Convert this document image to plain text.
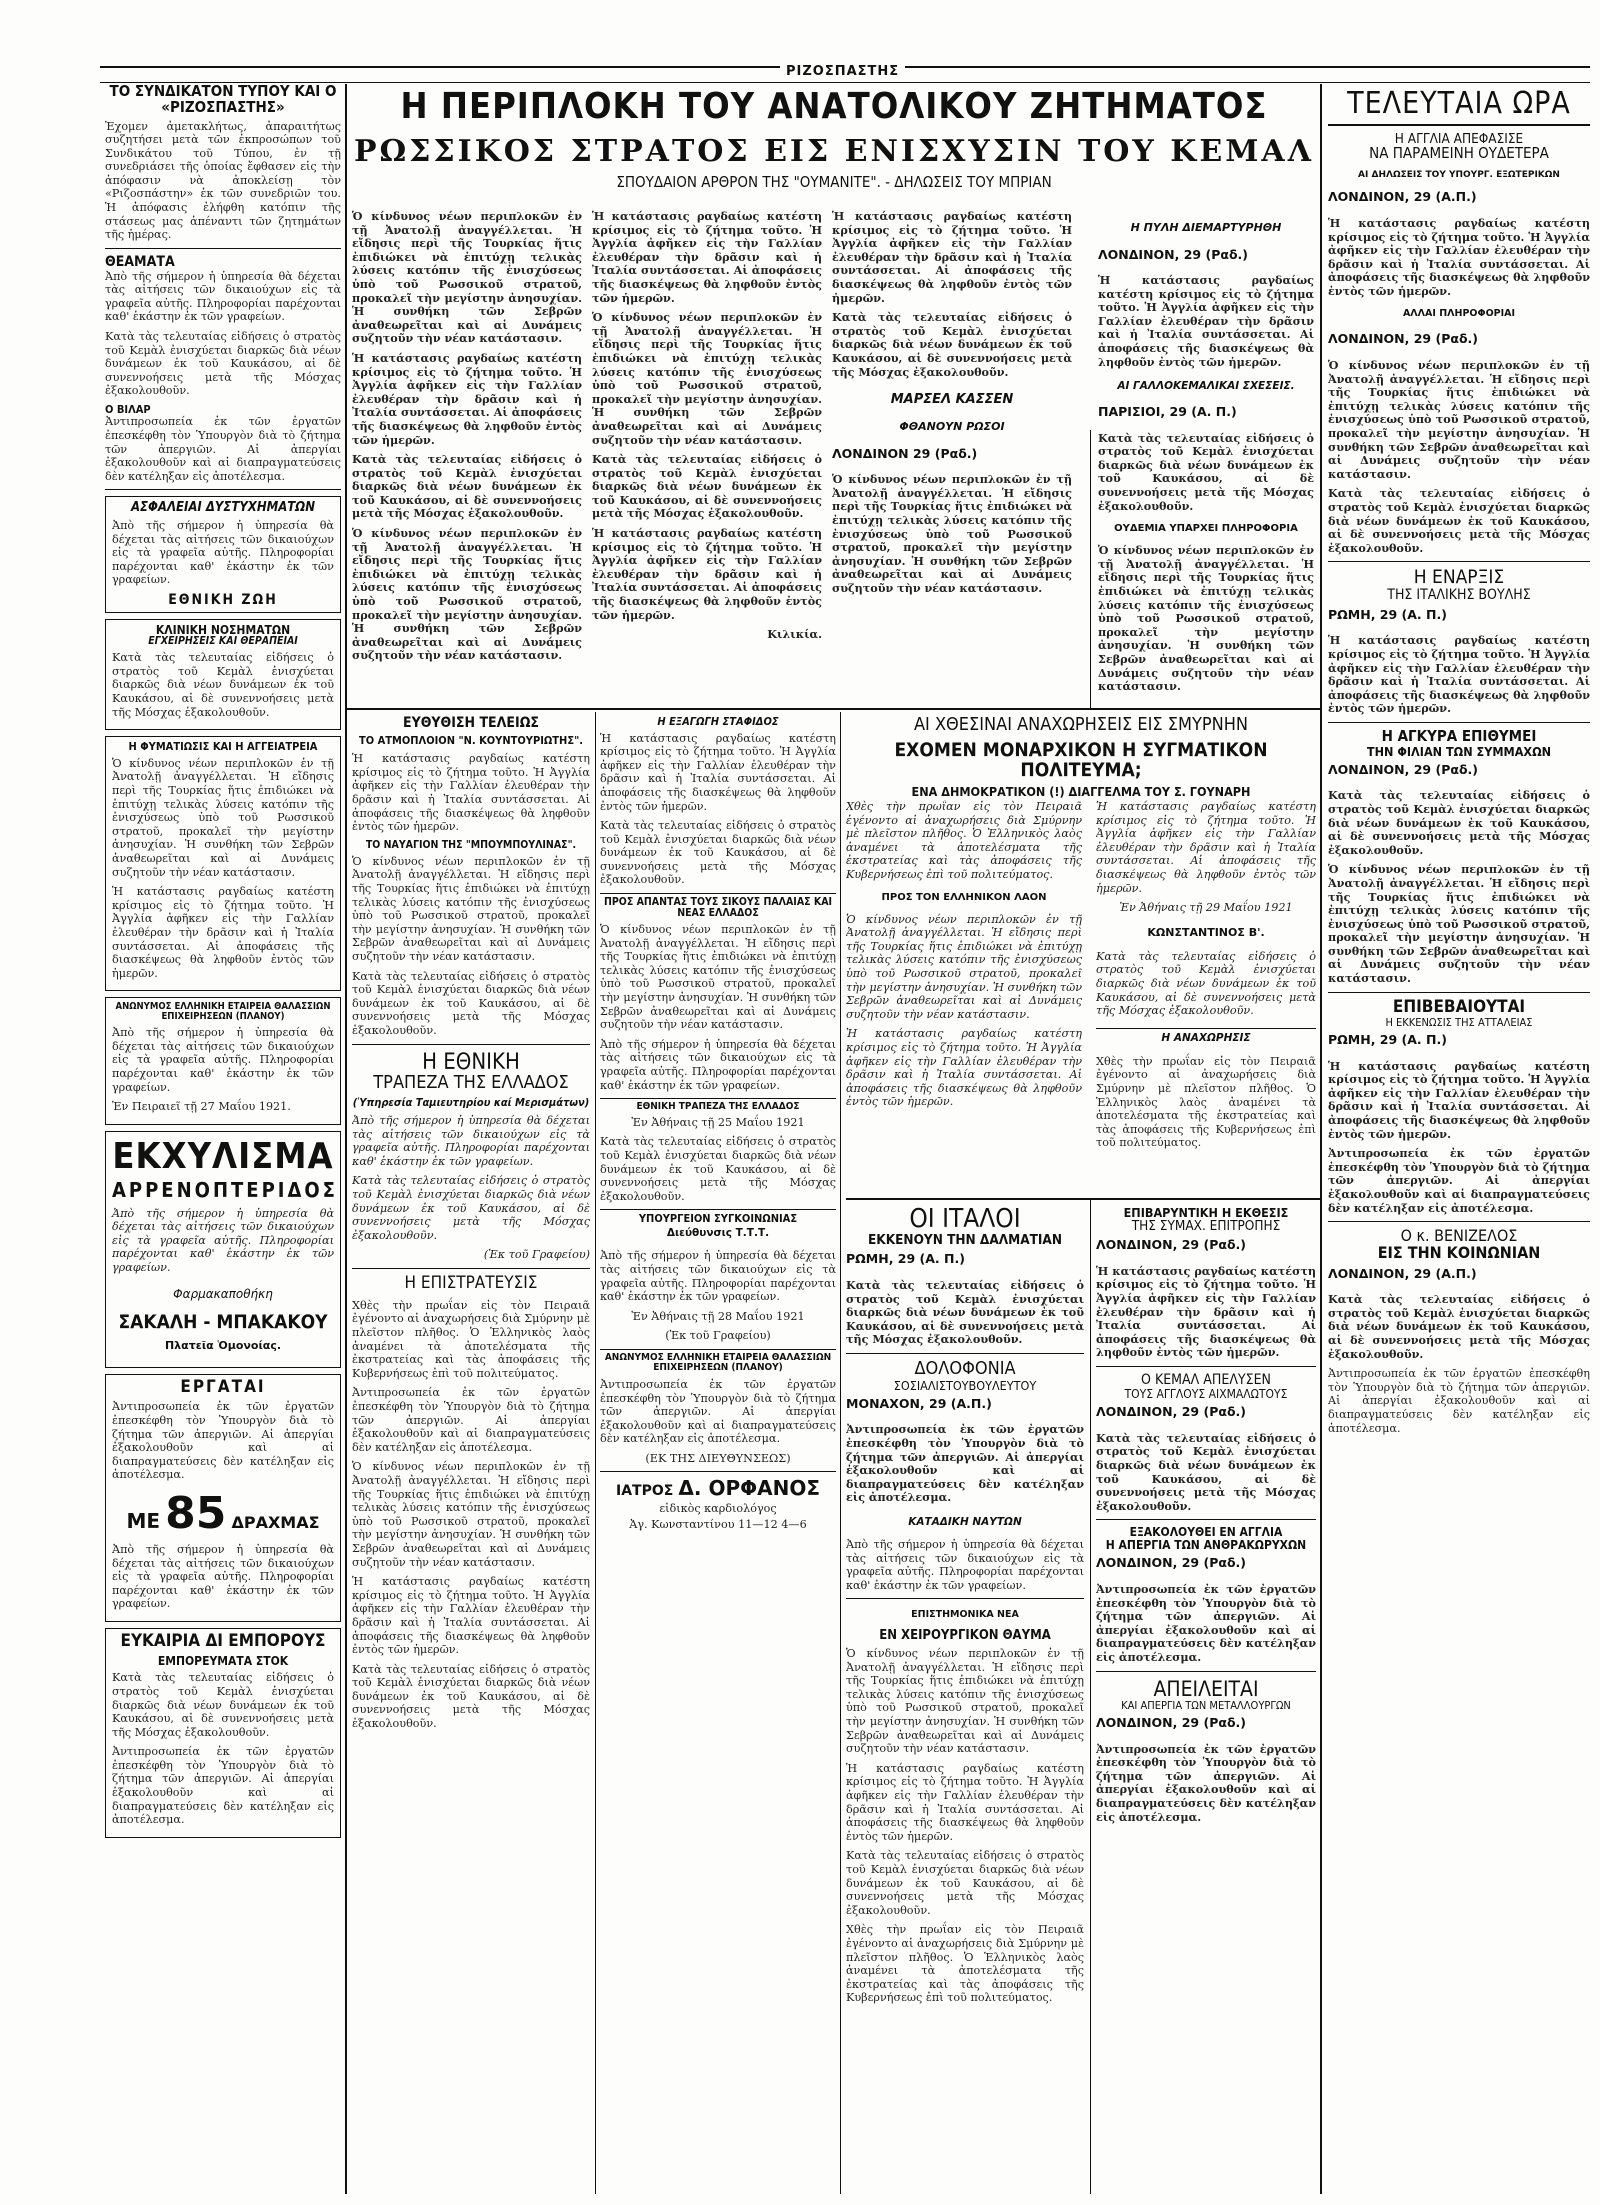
ΡΙΖΟΣΠΑΣΤΗΣ

ΤΟ ΣΥΝΔΙΚΑΤΟΝ ΤΥΠΟΥ ΚΑΙ Ο «ΡΙΖΟΣΠΑΣΤΗΣ»

Ἐχομεν ἀμετακλήτως, ἀπαραιτήτως συζητήσει μετὰ τῶν ἐκπροσώπων τοῦ Συνδικάτου τοῦ Τύπου, ἐν τῇ συνεδριάσει τῆς ὁποίας ἔφθασεν εἰς τὴν ἀπόφασιν νὰ ἀποκλείσῃ τὸν «Ριζοσπάστην» ἐκ τῶν συνεδριῶν του. Ἡ ἀπόφασις ἐλήφθη κατόπιν τῆς στάσεως μας ἀπέναντι τῶν ζητημάτων τῆς ἡμέρας.

ΘΕΑΜΑΤΑ

Ἀπὸ τῆς σήμερον ἡ ὑπηρεσία θὰ δέχεται τὰς αἰτήσεις τῶν δικαιούχων εἰς τὰ γραφεῖα αὐτῆς. Πληροφορίαι παρέχονται καθ' ἑκάστην ἐκ τῶν γραφείων.

Κατὰ τὰς τελευταίας εἰδήσεις ὁ στρατὸς τοῦ Κεμὰλ ἐνισχύεται διαρκῶς διὰ νέων δυνάμεων ἐκ τοῦ Καυκάσου, αἱ δὲ συνεννοήσεις μετὰ τῆς Μόσχας ἐξακολουθοῦν.

Ο ΒΙΛΑΡ

Ἀντιπροσωπεία ἐκ τῶν ἐργατῶν ἐπεσκέφθη τὸν Ὑπουργὸν διὰ τὸ ζήτημα τῶν ἀπεργιῶν. Αἱ ἀπεργίαι ἐξακολουθοῦν καὶ αἱ διαπραγματεύσεις δὲν κατέληξαν εἰς ἀποτέλεσμα.

ΑΣΦΑΛΕΙΑΙ ΔΥΣΤΥΧΗΜΑΤΩΝ

Ἀπὸ τῆς σήμερον ἡ ὑπηρεσία θὰ δέχεται τὰς αἰτήσεις τῶν δικαιούχων εἰς τὰ γραφεῖα αὐτῆς. Πληροφορίαι παρέχονται καθ' ἑκάστην ἐκ τῶν γραφείων.

ΕΘΝΙΚΗ ΖΩΗ

ΚΛΙΝΙΚΗ ΝΟΣΗΜΑΤΩΝ

ΕΓΧΕΙΡΗΣΕΙΣ ΚΑΙ ΘΕΡΑΠΕΙΑΙ

Κατὰ τὰς τελευταίας εἰδήσεις ὁ στρατὸς τοῦ Κεμὰλ ἐνισχύεται διαρκῶς διὰ νέων δυνάμεων ἐκ τοῦ Καυκάσου, αἱ δὲ συνεννοήσεις μετὰ τῆς Μόσχας ἐξακολουθοῦν.

Η ΦΥΜΑΤΙΩΣΙΣ ΚΑΙ Η ΑΓΓΕΙΑΤΡΕΙΑ

Ὁ κίνδυνος νέων περιπλοκῶν ἐν τῇ Ἀνατολῇ ἀναγγέλλεται. Ἡ εἴδησις περὶ τῆς Τουρκίας ἥτις ἐπιδιώκει νὰ ἐπιτύχῃ τελικὰς λύσεις κατόπιν τῆς ἐνισχύσεως ὑπὸ τοῦ Ρωσσικοῦ στρατοῦ, προκαλεῖ τὴν μεγίστην ἀνησυχίαν. Ἡ συνθήκη τῶν Σεβρῶν ἀναθεωρεῖται καὶ αἱ Δυνάμεις συζητοῦν τὴν νέαν κατάστασιν.

Ἡ κατάστασις ραγδαίως κατέστη κρίσιμος εἰς τὸ ζήτημα τοῦτο. Ἡ Ἀγγλία ἀφῆκεν εἰς τὴν Γαλλίαν ἐλευθέραν τὴν δρᾶσιν καὶ ἡ Ἰταλία συντάσσεται. Αἱ ἀποφάσεις τῆς διασκέψεως θὰ ληφθοῦν ἐντὸς τῶν ἡμερῶν.

ΑΝΩΝΥΜΟΣ ΕΛΛΗΝΙΚΗ ΕΤΑΙΡΕΙΑ ΘΑΛΑΣΣΙΩΝ ΕΠΙΧΕΙΡΗΣΕΩΝ (ΠΛΑΝΟΥ)

Ἀπὸ τῆς σήμερον ἡ ὑπηρεσία θὰ δέχεται τὰς αἰτήσεις τῶν δικαιούχων εἰς τὰ γραφεῖα αὐτῆς. Πληροφορίαι παρέχονται καθ' ἑκάστην ἐκ τῶν γραφείων.

Ἐν Πειραιεῖ τῇ 27 Μαΐου 1921.

ΕΚΧΥΛΙΣΜΑ

ΑΡΡΕΝΟΠΤΕΡΙΔΟΣ

Ἀπὸ τῆς σήμερον ἡ ὑπηρεσία θὰ δέχεται τὰς αἰτήσεις τῶν δικαιούχων εἰς τὰ γραφεῖα αὐτῆς. Πληροφορίαι παρέχονται καθ' ἑκάστην ἐκ τῶν γραφείων.

Φαρμακαποθήκη

ΣΑΚΑΛΗ - ΜΠΑΚΑΚΟΥ

Πλατεῖα Ὁμονοίας.

ΕΡΓΑΤΑΙ

Ἀντιπροσωπεία ἐκ τῶν ἐργατῶν ἐπεσκέφθη τὸν Ὑπουργὸν διὰ τὸ ζήτημα τῶν ἀπεργιῶν. Αἱ ἀπεργίαι ἐξακολουθοῦν καὶ αἱ διαπραγματεύσεις δὲν κατέληξαν εἰς ἀποτέλεσμα.

ΜΕ 85 ΔΡΑΧΜΑΣ

Ἀπὸ τῆς σήμερον ἡ ὑπηρεσία θὰ δέχεται τὰς αἰτήσεις τῶν δικαιούχων εἰς τὰ γραφεῖα αὐτῆς. Πληροφορίαι παρέχονται καθ' ἑκάστην ἐκ τῶν γραφείων.

ΕΥΚΑΙΡΙΑ ΔΙ ΕΜΠΟΡΟΥΣ

ΕΜΠΟΡΕΥΜΑΤΑ ΣΤΟΚ

Κατὰ τὰς τελευταίας εἰδήσεις ὁ στρατὸς τοῦ Κεμὰλ ἐνισχύεται διαρκῶς διὰ νέων δυνάμεων ἐκ τοῦ Καυκάσου, αἱ δὲ συνεννοήσεις μετὰ τῆς Μόσχας ἐξακολουθοῦν.

Ἀντιπροσωπεία ἐκ τῶν ἐργατῶν ἐπεσκέφθη τὸν Ὑπουργὸν διὰ τὸ ζήτημα τῶν ἀπεργιῶν. Αἱ ἀπεργίαι ἐξακολουθοῦν καὶ αἱ διαπραγματεύσεις δὲν κατέληξαν εἰς ἀποτέλεσμα.

Η ΠΕΡΙΠΛΟΚΗ ΤΟΥ ΑΝΑΤΟΛΙΚΟΥ ΖΗΤΗΜΑΤΟΣ

ΡΩΣΣΙΚΟΣ ΣΤΡΑΤΟΣ ΕΙΣ ΕΝΙΣΧΥΣΙΝ ΤΟΥ ΚΕΜΑΛ

ΣΠΟΥΔΑΙΟΝ ΑΡΘΡΟΝ ΤΗΣ "ΟΥΜΑΝΙΤΕ". - ΔΗΛΩΣΕΙΣ ΤΟΥ ΜΠΡΙΑΝ

Ὁ κίνδυνος νέων περιπλοκῶν ἐν τῇ Ἀνατολῇ ἀναγγέλλεται. Ἡ εἴδησις περὶ τῆς Τουρκίας ἥτις ἐπιδιώκει νὰ ἐπιτύχῃ τελικὰς λύσεις κατόπιν τῆς ἐνισχύσεως ὑπὸ τοῦ Ρωσσικοῦ στρατοῦ, προκαλεῖ τὴν μεγίστην ἀνησυχίαν. Ἡ συνθήκη τῶν Σεβρῶν ἀναθεωρεῖται καὶ αἱ Δυνάμεις συζητοῦν τὴν νέαν κατάστασιν.

Ἡ κατάστασις ραγδαίως κατέστη κρίσιμος εἰς τὸ ζήτημα τοῦτο. Ἡ Ἀγγλία ἀφῆκεν εἰς τὴν Γαλλίαν ἐλευθέραν τὴν δρᾶσιν καὶ ἡ Ἰταλία συντάσσεται. Αἱ ἀποφάσεις τῆς διασκέψεως θὰ ληφθοῦν ἐντὸς τῶν ἡμερῶν.

Κατὰ τὰς τελευταίας εἰδήσεις ὁ στρατὸς τοῦ Κεμὰλ ἐνισχύεται διαρκῶς διὰ νέων δυνάμεων ἐκ τοῦ Καυκάσου, αἱ δὲ συνεννοήσεις μετὰ τῆς Μόσχας ἐξακολουθοῦν.

Ὁ κίνδυνος νέων περιπλοκῶν ἐν τῇ Ἀνατολῇ ἀναγγέλλεται. Ἡ εἴδησις περὶ τῆς Τουρκίας ἥτις ἐπιδιώκει νὰ ἐπιτύχῃ τελικὰς λύσεις κατόπιν τῆς ἐνισχύσεως ὑπὸ τοῦ Ρωσσικοῦ στρατοῦ, προκαλεῖ τὴν μεγίστην ἀνησυχίαν. Ἡ συνθήκη τῶν Σεβρῶν ἀναθεωρεῖται καὶ αἱ Δυνάμεις συζητοῦν τὴν νέαν κατάστασιν.

Ἡ κατάστασις ραγδαίως κατέστη κρίσιμος εἰς τὸ ζήτημα τοῦτο. Ἡ Ἀγγλία ἀφῆκεν εἰς τὴν Γαλλίαν ἐλευθέραν τὴν δρᾶσιν καὶ ἡ Ἰταλία συντάσσεται. Αἱ ἀποφάσεις τῆς διασκέψεως θὰ ληφθοῦν ἐντὸς τῶν ἡμερῶν.

Ὁ κίνδυνος νέων περιπλοκῶν ἐν τῇ Ἀνατολῇ ἀναγγέλλεται. Ἡ εἴδησις περὶ τῆς Τουρκίας ἥτις ἐπιδιώκει νὰ ἐπιτύχῃ τελικὰς λύσεις κατόπιν τῆς ἐνισχύσεως ὑπὸ τοῦ Ρωσσικοῦ στρατοῦ, προκαλεῖ τὴν μεγίστην ἀνησυχίαν. Ἡ συνθήκη τῶν Σεβρῶν ἀναθεωρεῖται καὶ αἱ Δυνάμεις συζητοῦν τὴν νέαν κατάστασιν.

Κατὰ τὰς τελευταίας εἰδήσεις ὁ στρατὸς τοῦ Κεμὰλ ἐνισχύεται διαρκῶς διὰ νέων δυνάμεων ἐκ τοῦ Καυκάσου, αἱ δὲ συνεννοήσεις μετὰ τῆς Μόσχας ἐξακολουθοῦν.

Ἡ κατάστασις ραγδαίως κατέστη κρίσιμος εἰς τὸ ζήτημα τοῦτο. Ἡ Ἀγγλία ἀφῆκεν εἰς τὴν Γαλλίαν ἐλευθέραν τὴν δρᾶσιν καὶ ἡ Ἰταλία συντάσσεται. Αἱ ἀποφάσεις τῆς διασκέψεως θὰ ληφθοῦν ἐντὸς τῶν ἡμερῶν.

Κιλικία.

Ἡ κατάστασις ραγδαίως κατέστη κρίσιμος εἰς τὸ ζήτημα τοῦτο. Ἡ Ἀγγλία ἀφῆκεν εἰς τὴν Γαλλίαν ἐλευθέραν τὴν δρᾶσιν καὶ ἡ Ἰταλία συντάσσεται. Αἱ ἀποφάσεις τῆς διασκέψεως θὰ ληφθοῦν ἐντὸς τῶν ἡμερῶν.

Κατὰ τὰς τελευταίας εἰδήσεις ὁ στρατὸς τοῦ Κεμὰλ ἐνισχύεται διαρκῶς διὰ νέων δυνάμεων ἐκ τοῦ Καυκάσου, αἱ δὲ συνεννοήσεις μετὰ τῆς Μόσχας ἐξακολουθοῦν.

ΜΑΡΣΕΛ ΚΑΣΣΕΝ

ΦΘΑΝΟΥΝ ΡΩΣΟΙ

ΛΟΝΔΙΝΟΝ 29 (Ραδ.)

Ὁ κίνδυνος νέων περιπλοκῶν ἐν τῇ Ἀνατολῇ ἀναγγέλλεται. Ἡ εἴδησις περὶ τῆς Τουρκίας ἥτις ἐπιδιώκει νὰ ἐπιτύχῃ τελικὰς λύσεις κατόπιν τῆς ἐνισχύσεως ὑπὸ τοῦ Ρωσσικοῦ στρατοῦ, προκαλεῖ τὴν μεγίστην ἀνησυχίαν. Ἡ συνθήκη τῶν Σεβρῶν ἀναθεωρεῖται καὶ αἱ Δυνάμεις συζητοῦν τὴν νέαν κατάστασιν.

Η ΠΥΛΗ ΔΙΕΜΑΡΤΥΡΗΘΗ

ΛΟΝΔΙΝΟΝ, 29 (Ραδ.)

Ἡ κατάστασις ραγδαίως κατέστη κρίσιμος εἰς τὸ ζήτημα τοῦτο. Ἡ Ἀγγλία ἀφῆκεν εἰς τὴν Γαλλίαν ἐλευθέραν τὴν δρᾶσιν καὶ ἡ Ἰταλία συντάσσεται. Αἱ ἀποφάσεις τῆς διασκέψεως θὰ ληφθοῦν ἐντὸς τῶν ἡμερῶν.

ΑΙ ΓΑΛΛΟΚΕΜΑΛΙΚΑΙ ΣΧΕΣΕΙΣ.

ΠΑΡΙΣΙΟΙ, 29 (Α. Π.)

Κατὰ τὰς τελευταίας εἰδήσεις ὁ στρατὸς τοῦ Κεμὰλ ἐνισχύεται διαρκῶς διὰ νέων δυνάμεων ἐκ τοῦ Καυκάσου, αἱ δὲ συνεννοήσεις μετὰ τῆς Μόσχας ἐξακολουθοῦν.

ΟΥΔΕΜΙΑ ΥΠΑΡΧΕΙ ΠΛΗΡΟΦΟΡΙΑ

Ὁ κίνδυνος νέων περιπλοκῶν ἐν τῇ Ἀνατολῇ ἀναγγέλλεται. Ἡ εἴδησις περὶ τῆς Τουρκίας ἥτις ἐπιδιώκει νὰ ἐπιτύχῃ τελικὰς λύσεις κατόπιν τῆς ἐνισχύσεως ὑπὸ τοῦ Ρωσσικοῦ στρατοῦ, προκαλεῖ τὴν μεγίστην ἀνησυχίαν. Ἡ συνθήκη τῶν Σεβρῶν ἀναθεωρεῖται καὶ αἱ Δυνάμεις συζητοῦν τὴν νέαν κατάστασιν.

ΕΥΘΥΘΙΣΗ ΤΕΛΕΙΩΣ

ΤΟ ΑΤΜΟΠΛΟΙΟΝ "Ν. ΚΟΥΝΤΟΥΡΙΩΤΗΣ".

Ἡ κατάστασις ραγδαίως κατέστη κρίσιμος εἰς τὸ ζήτημα τοῦτο. Ἡ Ἀγγλία ἀφῆκεν εἰς τὴν Γαλλίαν ἐλευθέραν τὴν δρᾶσιν καὶ ἡ Ἰταλία συντάσσεται. Αἱ ἀποφάσεις τῆς διασκέψεως θὰ ληφθοῦν ἐντὸς τῶν ἡμερῶν.

ΤΟ ΝΑΥΑΓΙΟΝ ΤΗΣ "ΜΠΟΥΜΠΟΥΛΙΝΑΣ".

Ὁ κίνδυνος νέων περιπλοκῶν ἐν τῇ Ἀνατολῇ ἀναγγέλλεται. Ἡ εἴδησις περὶ τῆς Τουρκίας ἥτις ἐπιδιώκει νὰ ἐπιτύχῃ τελικὰς λύσεις κατόπιν τῆς ἐνισχύσεως ὑπὸ τοῦ Ρωσσικοῦ στρατοῦ, προκαλεῖ τὴν μεγίστην ἀνησυχίαν. Ἡ συνθήκη τῶν Σεβρῶν ἀναθεωρεῖται καὶ αἱ Δυνάμεις συζητοῦν τὴν νέαν κατάστασιν.

Κατὰ τὰς τελευταίας εἰδήσεις ὁ στρατὸς τοῦ Κεμὰλ ἐνισχύεται διαρκῶς διὰ νέων δυνάμεων ἐκ τοῦ Καυκάσου, αἱ δὲ συνεννοήσεις μετὰ τῆς Μόσχας ἐξακολουθοῦν.

Η ΕΘΝΙΚΗ

ΤΡΑΠΕΖΑ ΤΗΣ ΕΛΛΑΔΟΣ

(Ὑπηρεσία Ταμιευτηρίου καί Μερισμάτων)

Ἀπὸ τῆς σήμερον ἡ ὑπηρεσία θὰ δέχεται τὰς αἰτήσεις τῶν δικαιούχων εἰς τὰ γραφεῖα αὐτῆς. Πληροφορίαι παρέχονται καθ' ἑκάστην ἐκ τῶν γραφείων.

Κατὰ τὰς τελευταίας εἰδήσεις ὁ στρατὸς τοῦ Κεμὰλ ἐνισχύεται διαρκῶς διὰ νέων δυνάμεων ἐκ τοῦ Καυκάσου, αἱ δὲ συνεννοήσεις μετὰ τῆς Μόσχας ἐξακολουθοῦν.

(Ἐκ τοῦ Γραφείου)

Η ΕΠΙΣΤΡΑΤΕΥΣΙΣ

Χθὲς τὴν πρωΐαν εἰς τὸν Πειραιᾶ ἐγένοντο αἱ ἀναχωρήσεις διὰ Σμύρνην μὲ πλεῖστον πλῆθος. Ὁ Ἑλληνικὸς λαὸς ἀναμένει τὰ ἀποτελέσματα τῆς ἐκστρατείας καὶ τὰς ἀποφάσεις τῆς Κυβερνήσεως ἐπὶ τοῦ πολιτεύματος.

Ἀντιπροσωπεία ἐκ τῶν ἐργατῶν ἐπεσκέφθη τὸν Ὑπουργὸν διὰ τὸ ζήτημα τῶν ἀπεργιῶν. Αἱ ἀπεργίαι ἐξακολουθοῦν καὶ αἱ διαπραγματεύσεις δὲν κατέληξαν εἰς ἀποτέλεσμα.

Ὁ κίνδυνος νέων περιπλοκῶν ἐν τῇ Ἀνατολῇ ἀναγγέλλεται. Ἡ εἴδησις περὶ τῆς Τουρκίας ἥτις ἐπιδιώκει νὰ ἐπιτύχῃ τελικὰς λύσεις κατόπιν τῆς ἐνισχύσεως ὑπὸ τοῦ Ρωσσικοῦ στρατοῦ, προκαλεῖ τὴν μεγίστην ἀνησυχίαν. Ἡ συνθήκη τῶν Σεβρῶν ἀναθεωρεῖται καὶ αἱ Δυνάμεις συζητοῦν τὴν νέαν κατάστασιν.

Ἡ κατάστασις ραγδαίως κατέστη κρίσιμος εἰς τὸ ζήτημα τοῦτο. Ἡ Ἀγγλία ἀφῆκεν εἰς τὴν Γαλλίαν ἐλευθέραν τὴν δρᾶσιν καὶ ἡ Ἰταλία συντάσσεται. Αἱ ἀποφάσεις τῆς διασκέψεως θὰ ληφθοῦν ἐντὸς τῶν ἡμερῶν.

Κατὰ τὰς τελευταίας εἰδήσεις ὁ στρατὸς τοῦ Κεμὰλ ἐνισχύεται διαρκῶς διὰ νέων δυνάμεων ἐκ τοῦ Καυκάσου, αἱ δὲ συνεννοήσεις μετὰ τῆς Μόσχας ἐξακολουθοῦν.

Η ΕΞΑΓΩΓΗ ΣΤΑΦΙΔΟΣ

Ἡ κατάστασις ραγδαίως κατέστη κρίσιμος εἰς τὸ ζήτημα τοῦτο. Ἡ Ἀγγλία ἀφῆκεν εἰς τὴν Γαλλίαν ἐλευθέραν τὴν δρᾶσιν καὶ ἡ Ἰταλία συντάσσεται. Αἱ ἀποφάσεις τῆς διασκέψεως θὰ ληφθοῦν ἐντὸς τῶν ἡμερῶν.

Κατὰ τὰς τελευταίας εἰδήσεις ὁ στρατὸς τοῦ Κεμὰλ ἐνισχύεται διαρκῶς διὰ νέων δυνάμεων ἐκ τοῦ Καυκάσου, αἱ δὲ συνεννοήσεις μετὰ τῆς Μόσχας ἐξακολουθοῦν.

ΠΡΟΣ ΑΠΑΝΤΑΣ ΤΟΥΣ ΣΙΚΟΥΣ ΠΑΛΑΙΑΣ ΚΑΙ ΝΕΑΣ ΕΛΛΑΔΟΣ

Ὁ κίνδυνος νέων περιπλοκῶν ἐν τῇ Ἀνατολῇ ἀναγγέλλεται. Ἡ εἴδησις περὶ τῆς Τουρκίας ἥτις ἐπιδιώκει νὰ ἐπιτύχῃ τελικὰς λύσεις κατόπιν τῆς ἐνισχύσεως ὑπὸ τοῦ Ρωσσικοῦ στρατοῦ, προκαλεῖ τὴν μεγίστην ἀνησυχίαν. Ἡ συνθήκη τῶν Σεβρῶν ἀναθεωρεῖται καὶ αἱ Δυνάμεις συζητοῦν τὴν νέαν κατάστασιν.

Ἀπὸ τῆς σήμερον ἡ ὑπηρεσία θὰ δέχεται τὰς αἰτήσεις τῶν δικαιούχων εἰς τὰ γραφεῖα αὐτῆς. Πληροφορίαι παρέχονται καθ' ἑκάστην ἐκ τῶν γραφείων.

ΕΘΝΙΚΗ ΤΡΑΠΕΖΑ ΤΗΣ ΕΛΛΑΔΟΣ

Ἐν Ἀθήναις τῇ 25 Μαΐου 1921

Κατὰ τὰς τελευταίας εἰδήσεις ὁ στρατὸς τοῦ Κεμὰλ ἐνισχύεται διαρκῶς διὰ νέων δυνάμεων ἐκ τοῦ Καυκάσου, αἱ δὲ συνεννοήσεις μετὰ τῆς Μόσχας ἐξακολουθοῦν.

ΥΠΟΥΡΓΕΙΟΝ ΣΥΓΚΟΙΝΩΝΙΑΣ

Διεύθυνσις Τ.Τ.Τ.

Ἀπὸ τῆς σήμερον ἡ ὑπηρεσία θὰ δέχεται τὰς αἰτήσεις τῶν δικαιούχων εἰς τὰ γραφεῖα αὐτῆς. Πληροφορίαι παρέχονται καθ' ἑκάστην ἐκ τῶν γραφείων.

Ἐν Ἀθήναις τῇ 28 Μαΐου 1921

(Ἐκ τοῦ Γραφείου)

ΑΝΩΝΥΜΟΣ ΕΛΛΗΝΙΚΗ ΕΤΑΙΡΕΙΑ ΘΑΛΑΣΣΙΩΝ ΕΠΙΧΕΙΡΗΣΕΩΝ (ΠΛΑΝΟΥ)

Ἀντιπροσωπεία ἐκ τῶν ἐργατῶν ἐπεσκέφθη τὸν Ὑπουργὸν διὰ τὸ ζήτημα τῶν ἀπεργιῶν. Αἱ ἀπεργίαι ἐξακολουθοῦν καὶ αἱ διαπραγματεύσεις δὲν κατέληξαν εἰς ἀποτέλεσμα.

(ΕΚ ΤΗΣ ΔΙΕΥΘΥΝΣΕΩΣ)

ΙΑΤΡΟΣ Δ. ΟΡΦΑΝΟΣ

εἰδικὸς καρδιολόγος

Ἀγ. Κωνσταντίνου 11—12 4—6

ΑΙ ΧΘΕΣΙΝΑΙ ΑΝΑΧΩΡΗΣΕΙΣ ΕΙΣ ΣΜΥΡΝΗΝ

ΕΧΟΜΕΝ ΜΟΝΑΡΧΙΚΟΝ Η ΣΥΓΜΑΤΙΚΟΝ ΠΟΛΙΤΕΥΜΑ;

ΕΝΑ ΔΗΜΟΚΡΑΤΙΚΟΝ (!) ΔΙΑΓΓΕΛΜΑ ΤΟΥ Σ. ΓΟΥΝΑΡΗ

Χθὲς τὴν πρωΐαν εἰς τὸν Πειραιᾶ ἐγένοντο αἱ ἀναχωρήσεις διὰ Σμύρνην μὲ πλεῖστον πλῆθος. Ὁ Ἑλληνικὸς λαὸς ἀναμένει τὰ ἀποτελέσματα τῆς ἐκστρατείας καὶ τὰς ἀποφάσεις τῆς Κυβερνήσεως ἐπὶ τοῦ πολιτεύματος.

ΠΡΟΣ ΤΟΝ ΕΛΛΗΝΙΚΟΝ ΛΑΟΝ

Ὁ κίνδυνος νέων περιπλοκῶν ἐν τῇ Ἀνατολῇ ἀναγγέλλεται. Ἡ εἴδησις περὶ τῆς Τουρκίας ἥτις ἐπιδιώκει νὰ ἐπιτύχῃ τελικὰς λύσεις κατόπιν τῆς ἐνισχύσεως ὑπὸ τοῦ Ρωσσικοῦ στρατοῦ, προκαλεῖ τὴν μεγίστην ἀνησυχίαν. Ἡ συνθήκη τῶν Σεβρῶν ἀναθεωρεῖται καὶ αἱ Δυνάμεις συζητοῦν τὴν νέαν κατάστασιν.

Ἡ κατάστασις ραγδαίως κατέστη κρίσιμος εἰς τὸ ζήτημα τοῦτο. Ἡ Ἀγγλία ἀφῆκεν εἰς τὴν Γαλλίαν ἐλευθέραν τὴν δρᾶσιν καὶ ἡ Ἰταλία συντάσσεται. Αἱ ἀποφάσεις τῆς διασκέψεως θὰ ληφθοῦν ἐντὸς τῶν ἡμερῶν.

Ἡ κατάστασις ραγδαίως κατέστη κρίσιμος εἰς τὸ ζήτημα τοῦτο. Ἡ Ἀγγλία ἀφῆκεν εἰς τὴν Γαλλίαν ἐλευθέραν τὴν δρᾶσιν καὶ ἡ Ἰταλία συντάσσεται. Αἱ ἀποφάσεις τῆς διασκέψεως θὰ ληφθοῦν ἐντὸς τῶν ἡμερῶν.

Ἐν Ἀθήναις τῇ 29 Μαΐου 1921

ΚΩΝΣΤΑΝΤΙΝΟΣ Β'.

Κατὰ τὰς τελευταίας εἰδήσεις ὁ στρατὸς τοῦ Κεμὰλ ἐνισχύεται διαρκῶς διὰ νέων δυνάμεων ἐκ τοῦ Καυκάσου, αἱ δὲ συνεννοήσεις μετὰ τῆς Μόσχας ἐξακολουθοῦν.

Η ΑΝΑΧΩΡΗΣΙΣ

Χθὲς τὴν πρωΐαν εἰς τὸν Πειραιᾶ ἐγένοντο αἱ ἀναχωρήσεις διὰ Σμύρνην μὲ πλεῖστον πλῆθος. Ὁ Ἑλληνικὸς λαὸς ἀναμένει τὰ ἀποτελέσματα τῆς ἐκστρατείας καὶ τὰς ἀποφάσεις τῆς Κυβερνήσεως ἐπὶ τοῦ πολιτεύματος.

ΟΙ ΙΤΑΛΟΙ

ΕΚΚΕΝΟΥΝ ΤΗΝ ΔΑΛΜΑΤΙΑΝ

ΡΩΜΗ, 29 (Α. Π.)

Κατὰ τὰς τελευταίας εἰδήσεις ὁ στρατὸς τοῦ Κεμὰλ ἐνισχύεται διαρκῶς διὰ νέων δυνάμεων ἐκ τοῦ Καυκάσου, αἱ δὲ συνεννοήσεις μετὰ τῆς Μόσχας ἐξακολουθοῦν.

ΔΟΛΟΦΟΝΙΑ

ΣΟΣΙΑΛΙΣΤΟΥΒΟΥΛΕΥΤΟΥ

ΜΟΝΑΧΟΝ, 29 (Α.Π.)

Ἀντιπροσωπεία ἐκ τῶν ἐργατῶν ἐπεσκέφθη τὸν Ὑπουργὸν διὰ τὸ ζήτημα τῶν ἀπεργιῶν. Αἱ ἀπεργίαι ἐξακολουθοῦν καὶ αἱ διαπραγματεύσεις δὲν κατέληξαν εἰς ἀποτέλεσμα.

ΚΑΤΑΔΙΚΗ ΝΑΥΤΩΝ

Ἀπὸ τῆς σήμερον ἡ ὑπηρεσία θὰ δέχεται τὰς αἰτήσεις τῶν δικαιούχων εἰς τὰ γραφεῖα αὐτῆς. Πληροφορίαι παρέχονται καθ' ἑκάστην ἐκ τῶν γραφείων.

ΕΠΙΣΤΗΜΟΝΙΚΑ ΝΕΑ

ΕΝ ΧΕΙΡΟΥΡΓΙΚΟΝ ΘΑΥΜΑ

Ὁ κίνδυνος νέων περιπλοκῶν ἐν τῇ Ἀνατολῇ ἀναγγέλλεται. Ἡ εἴδησις περὶ τῆς Τουρκίας ἥτις ἐπιδιώκει νὰ ἐπιτύχῃ τελικὰς λύσεις κατόπιν τῆς ἐνισχύσεως ὑπὸ τοῦ Ρωσσικοῦ στρατοῦ, προκαλεῖ τὴν μεγίστην ἀνησυχίαν. Ἡ συνθήκη τῶν Σεβρῶν ἀναθεωρεῖται καὶ αἱ Δυνάμεις συζητοῦν τὴν νέαν κατάστασιν.

Ἡ κατάστασις ραγδαίως κατέστη κρίσιμος εἰς τὸ ζήτημα τοῦτο. Ἡ Ἀγγλία ἀφῆκεν εἰς τὴν Γαλλίαν ἐλευθέραν τὴν δρᾶσιν καὶ ἡ Ἰταλία συντάσσεται. Αἱ ἀποφάσεις τῆς διασκέψεως θὰ ληφθοῦν ἐντὸς τῶν ἡμερῶν.

Κατὰ τὰς τελευταίας εἰδήσεις ὁ στρατὸς τοῦ Κεμὰλ ἐνισχύεται διαρκῶς διὰ νέων δυνάμεων ἐκ τοῦ Καυκάσου, αἱ δὲ συνεννοήσεις μετὰ τῆς Μόσχας ἐξακολουθοῦν.

Χθὲς τὴν πρωΐαν εἰς τὸν Πειραιᾶ ἐγένοντο αἱ ἀναχωρήσεις διὰ Σμύρνην μὲ πλεῖστον πλῆθος. Ὁ Ἑλληνικὸς λαὸς ἀναμένει τὰ ἀποτελέσματα τῆς ἐκστρατείας καὶ τὰς ἀποφάσεις τῆς Κυβερνήσεως ἐπὶ τοῦ πολιτεύματος.

ΕΠΙΒΑΡΥΝΤΙΚΗ Η ΕΚΘΕΣΙΣ

ΤΗΣ ΣΥΜΑΧ. ΕΠΙΤΡΟΠΗΣ

ΛΟΝΔΙΝΟΝ, 29 (Ραδ.)

Ἡ κατάστασις ραγδαίως κατέστη κρίσιμος εἰς τὸ ζήτημα τοῦτο. Ἡ Ἀγγλία ἀφῆκεν εἰς τὴν Γαλλίαν ἐλευθέραν τὴν δρᾶσιν καὶ ἡ Ἰταλία συντάσσεται. Αἱ ἀποφάσεις τῆς διασκέψεως θὰ ληφθοῦν ἐντὸς τῶν ἡμερῶν.

Ο ΚΕΜΑΛ ΑΠΕΛΥΣΕΝ

ΤΟΥΣ ΑΓΓΛΟΥΣ ΑΙΧΜΑΛΩΤΟΥΣ

ΛΟΝΔΙΝΟΝ, 29 (Ραδ.)

Κατὰ τὰς τελευταίας εἰδήσεις ὁ στρατὸς τοῦ Κεμὰλ ἐνισχύεται διαρκῶς διὰ νέων δυνάμεων ἐκ τοῦ Καυκάσου, αἱ δὲ συνεννοήσεις μετὰ τῆς Μόσχας ἐξακολουθοῦν.

ΕΞΑΚΟΛΟΥΘΕΙ ΕΝ ΑΓΓΛΙΑ

Η ΑΠΕΡΓΙΑ ΤΩΝ ΑΝΘΡΑΚΩΡΥΧΩΝ

ΛΟΝΔΙΝΟΝ, 29 (Ραδ.)

Ἀντιπροσωπεία ἐκ τῶν ἐργατῶν ἐπεσκέφθη τὸν Ὑπουργὸν διὰ τὸ ζήτημα τῶν ἀπεργιῶν. Αἱ ἀπεργίαι ἐξακολουθοῦν καὶ αἱ διαπραγματεύσεις δὲν κατέληξαν εἰς ἀποτέλεσμα.

ΑΠΕΙΛΕΙΤΑΙ

ΚΑΙ ΑΠΕΡΓΙΑ ΤΩΝ ΜΕΤΑΛΛΟΥΡΓΩΝ

ΛΟΝΔΙΝΟΝ, 29 (Ραδ.)

Ἀντιπροσωπεία ἐκ τῶν ἐργατῶν ἐπεσκέφθη τὸν Ὑπουργὸν διὰ τὸ ζήτημα τῶν ἀπεργιῶν. Αἱ ἀπεργίαι ἐξακολουθοῦν καὶ αἱ διαπραγματεύσεις δὲν κατέληξαν εἰς ἀποτέλεσμα.

ΤΕΛΕΥΤΑΙΑ ΩΡΑ

Η ΑΓΓΛΙΑ ΑΠΕΦΑΣΙΣΕ

ΝΑ ΠΑΡΑΜΕΙΝΗ ΟΥΔΕΤΕΡΑ

ΑΙ ΔΗΛΩΣΕΙΣ ΤΟΥ ΥΠΟΥΡΓ. ΕΞΩΤΕΡΙΚΩΝ

ΛΟΝΔΙΝΟΝ, 29 (Α.Π.)

Ἡ κατάστασις ραγδαίως κατέστη κρίσιμος εἰς τὸ ζήτημα τοῦτο. Ἡ Ἀγγλία ἀφῆκεν εἰς τὴν Γαλλίαν ἐλευθέραν τὴν δρᾶσιν καὶ ἡ Ἰταλία συντάσσεται. Αἱ ἀποφάσεις τῆς διασκέψεως θὰ ληφθοῦν ἐντὸς τῶν ἡμερῶν.

ΑΛΛΑΙ ΠΛΗΡΟΦΟΡΙΑΙ

ΛΟΝΔΙΝΟΝ, 29 (Ραδ.)

Ὁ κίνδυνος νέων περιπλοκῶν ἐν τῇ Ἀνατολῇ ἀναγγέλλεται. Ἡ εἴδησις περὶ τῆς Τουρκίας ἥτις ἐπιδιώκει νὰ ἐπιτύχῃ τελικὰς λύσεις κατόπιν τῆς ἐνισχύσεως ὑπὸ τοῦ Ρωσσικοῦ στρατοῦ, προκαλεῖ τὴν μεγίστην ἀνησυχίαν. Ἡ συνθήκη τῶν Σεβρῶν ἀναθεωρεῖται καὶ αἱ Δυνάμεις συζητοῦν τὴν νέαν κατάστασιν.

Κατὰ τὰς τελευταίας εἰδήσεις ὁ στρατὸς τοῦ Κεμὰλ ἐνισχύεται διαρκῶς διὰ νέων δυνάμεων ἐκ τοῦ Καυκάσου, αἱ δὲ συνεννοήσεις μετὰ τῆς Μόσχας ἐξακολουθοῦν.

Η ΕΝΑΡΞΙΣ

ΤΗΣ ΙΤΑΛΙΚΗΣ ΒΟΥΛΗΣ

ΡΩΜΗ, 29 (Α. Π.)

Ἡ κατάστασις ραγδαίως κατέστη κρίσιμος εἰς τὸ ζήτημα τοῦτο. Ἡ Ἀγγλία ἀφῆκεν εἰς τὴν Γαλλίαν ἐλευθέραν τὴν δρᾶσιν καὶ ἡ Ἰταλία συντάσσεται. Αἱ ἀποφάσεις τῆς διασκέψεως θὰ ληφθοῦν ἐντὸς τῶν ἡμερῶν.

Η ΑΓΚΥΡΑ ΕΠΙΘΥΜΕΙ

ΤΗΝ ΦΙΛΙΑΝ ΤΩΝ ΣΥΜΜΑΧΩΝ

ΛΟΝΔΙΝΟΝ, 29 (Ραδ.)

Κατὰ τὰς τελευταίας εἰδήσεις ὁ στρατὸς τοῦ Κεμὰλ ἐνισχύεται διαρκῶς διὰ νέων δυνάμεων ἐκ τοῦ Καυκάσου, αἱ δὲ συνεννοήσεις μετὰ τῆς Μόσχας ἐξακολουθοῦν.

Ὁ κίνδυνος νέων περιπλοκῶν ἐν τῇ Ἀνατολῇ ἀναγγέλλεται. Ἡ εἴδησις περὶ τῆς Τουρκίας ἥτις ἐπιδιώκει νὰ ἐπιτύχῃ τελικὰς λύσεις κατόπιν τῆς ἐνισχύσεως ὑπὸ τοῦ Ρωσσικοῦ στρατοῦ, προκαλεῖ τὴν μεγίστην ἀνησυχίαν. Ἡ συνθήκη τῶν Σεβρῶν ἀναθεωρεῖται καὶ αἱ Δυνάμεις συζητοῦν τὴν νέαν κατάστασιν.

ΕΠΙΒΕΒΑΙΟΥΤΑΙ

Η ΕΚΚΕΝΩΣΙΣ ΤΗΣ ΑΤΤΑΛΕΙΑΣ

ΡΩΜΗ, 29 (Α. Π.)

Ἡ κατάστασις ραγδαίως κατέστη κρίσιμος εἰς τὸ ζήτημα τοῦτο. Ἡ Ἀγγλία ἀφῆκεν εἰς τὴν Γαλλίαν ἐλευθέραν τὴν δρᾶσιν καὶ ἡ Ἰταλία συντάσσεται. Αἱ ἀποφάσεις τῆς διασκέψεως θὰ ληφθοῦν ἐντὸς τῶν ἡμερῶν.

Ἀντιπροσωπεία ἐκ τῶν ἐργατῶν ἐπεσκέφθη τὸν Ὑπουργὸν διὰ τὸ ζήτημα τῶν ἀπεργιῶν. Αἱ ἀπεργίαι ἐξακολουθοῦν καὶ αἱ διαπραγματεύσεις δὲν κατέληξαν εἰς ἀποτέλεσμα.

Ο κ. ΒΕΝΙΖΕΛΟΣ

ΕΙΣ ΤΗΝ ΚΟΙΝΩΝΙΑΝ

ΛΟΝΔΙΝΟΝ, 29 (Α.Π.)

Κατὰ τὰς τελευταίας εἰδήσεις ὁ στρατὸς τοῦ Κεμὰλ ἐνισχύεται διαρκῶς διὰ νέων δυνάμεων ἐκ τοῦ Καυκάσου, αἱ δὲ συνεννοήσεις μετὰ τῆς Μόσχας ἐξακολουθοῦν.

Ἀντιπροσωπεία ἐκ τῶν ἐργατῶν ἐπεσκέφθη τὸν Ὑπουργὸν διὰ τὸ ζήτημα τῶν ἀπεργιῶν. Αἱ ἀπεργίαι ἐξακολουθοῦν καὶ αἱ διαπραγματεύσεις δὲν κατέληξαν εἰς ἀποτέλεσμα.
